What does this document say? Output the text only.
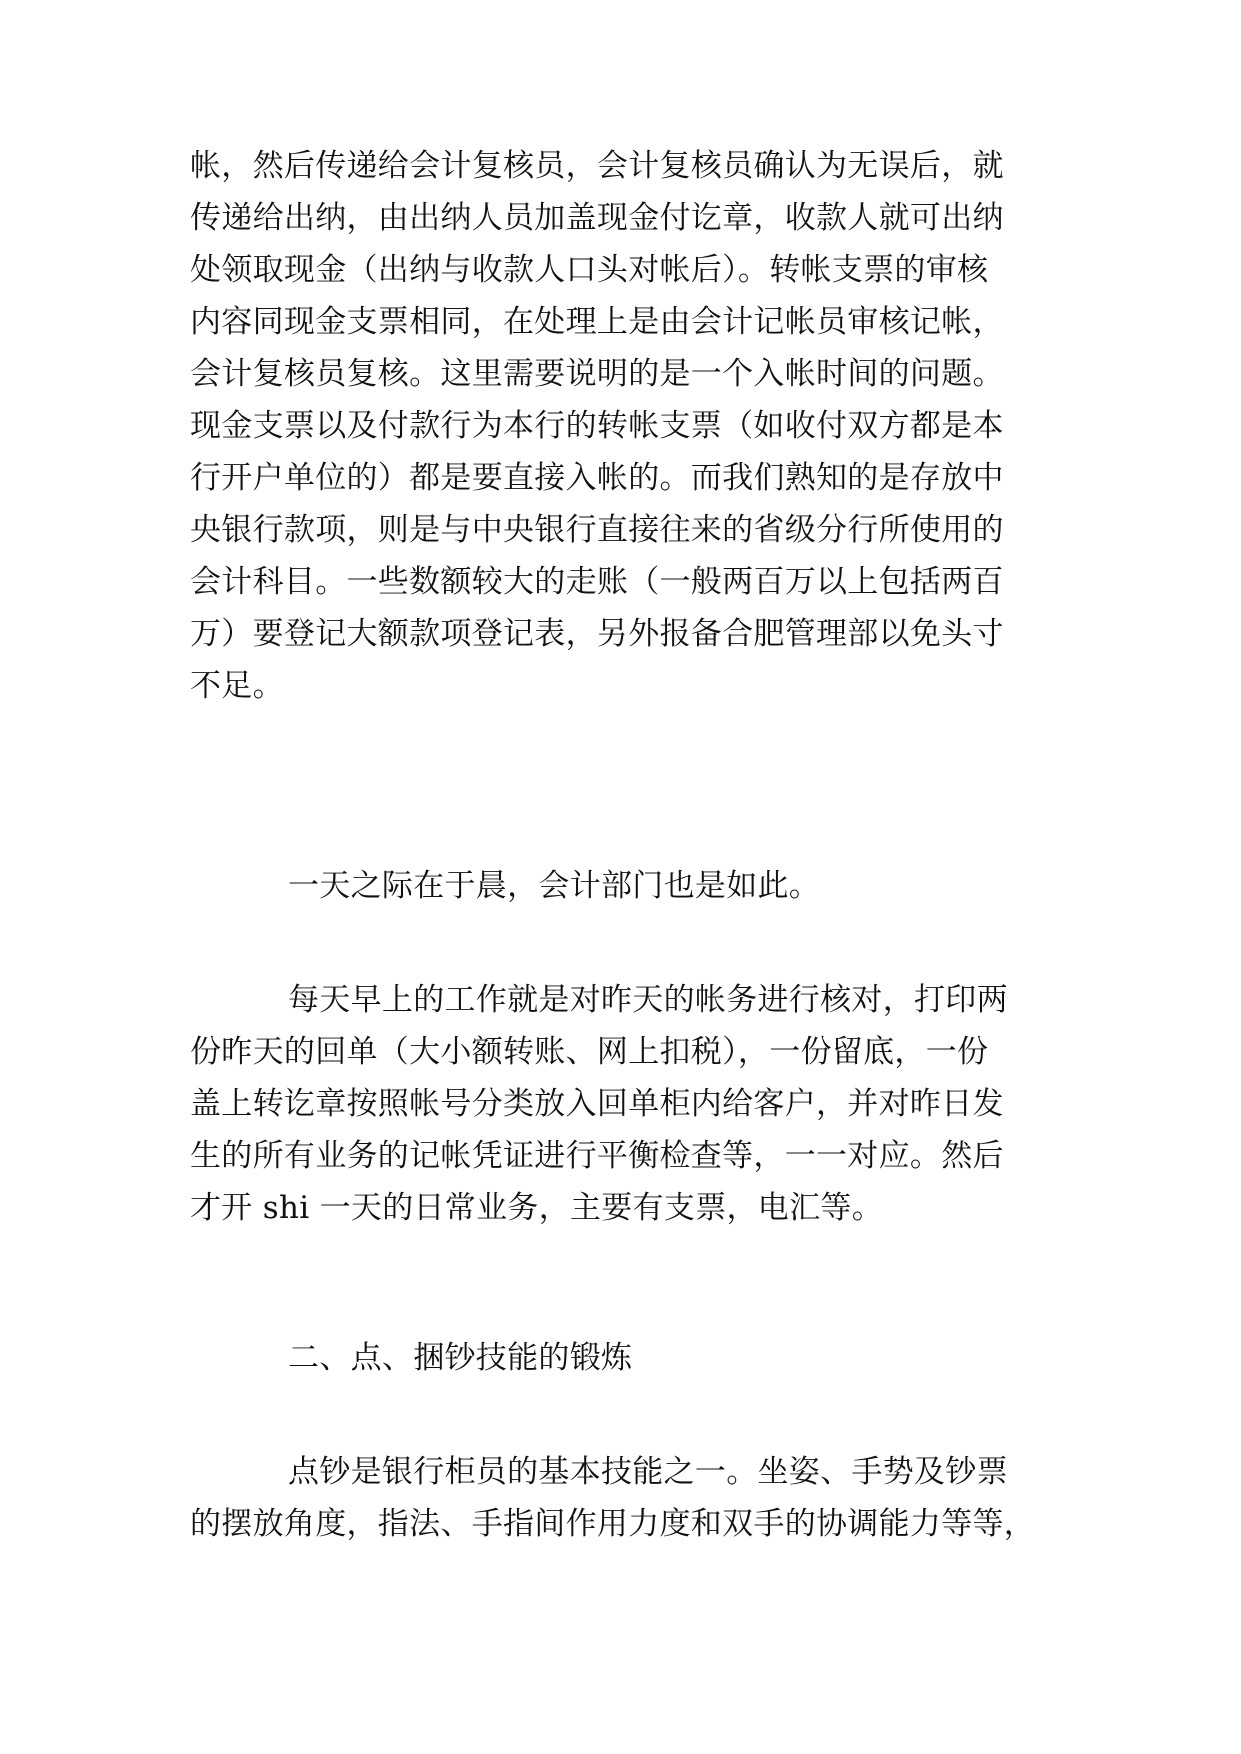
帐，然后传递给会计复核员，会计复核员确认为无误后，就
传递给出纳，由出纳人员加盖现金付讫章，收款人就可出纳
处领取现金（出纳与收款人口头对帐后）。转帐支票的审核
内容同现金支票相同，在处理上是由会计记帐员审核记帐，
会计复核员复核。这里需要说明的是一个入帐时间的问题。
现金支票以及付款行为本行的转帐支票（如收付双方都是本
行开户单位的）都是要直接入帐的。而我们熟知的是存放中
央银行款项，则是与中央银行直接往来的省级分行所使用的
会计科目。一些数额较大的走账（一般两百万以上包括两百
万）要登记大额款项登记表，另外报备合肥管理部以免头寸
不足。
一天之际在于晨，会计部门也是如此。
每天早上的工作就是对昨天的帐务进行核对，打印两
份昨天的回单（大小额转账、网上扣税），一份留底，一份
盖上转讫章按照帐号分类放入回单柜内给客户，并对昨日发
生的所有业务的记帐凭证进行平衡检查等，一一对应。然后
才开 shi 一天的日常业务，主要有支票，电汇等。
二、点、捆钞技能的锻炼
点钞是银行柜员的基本技能之一。坐姿、手势及钞票
的摆放角度，指法、手指间作用力度和双手的协调能力等等，
